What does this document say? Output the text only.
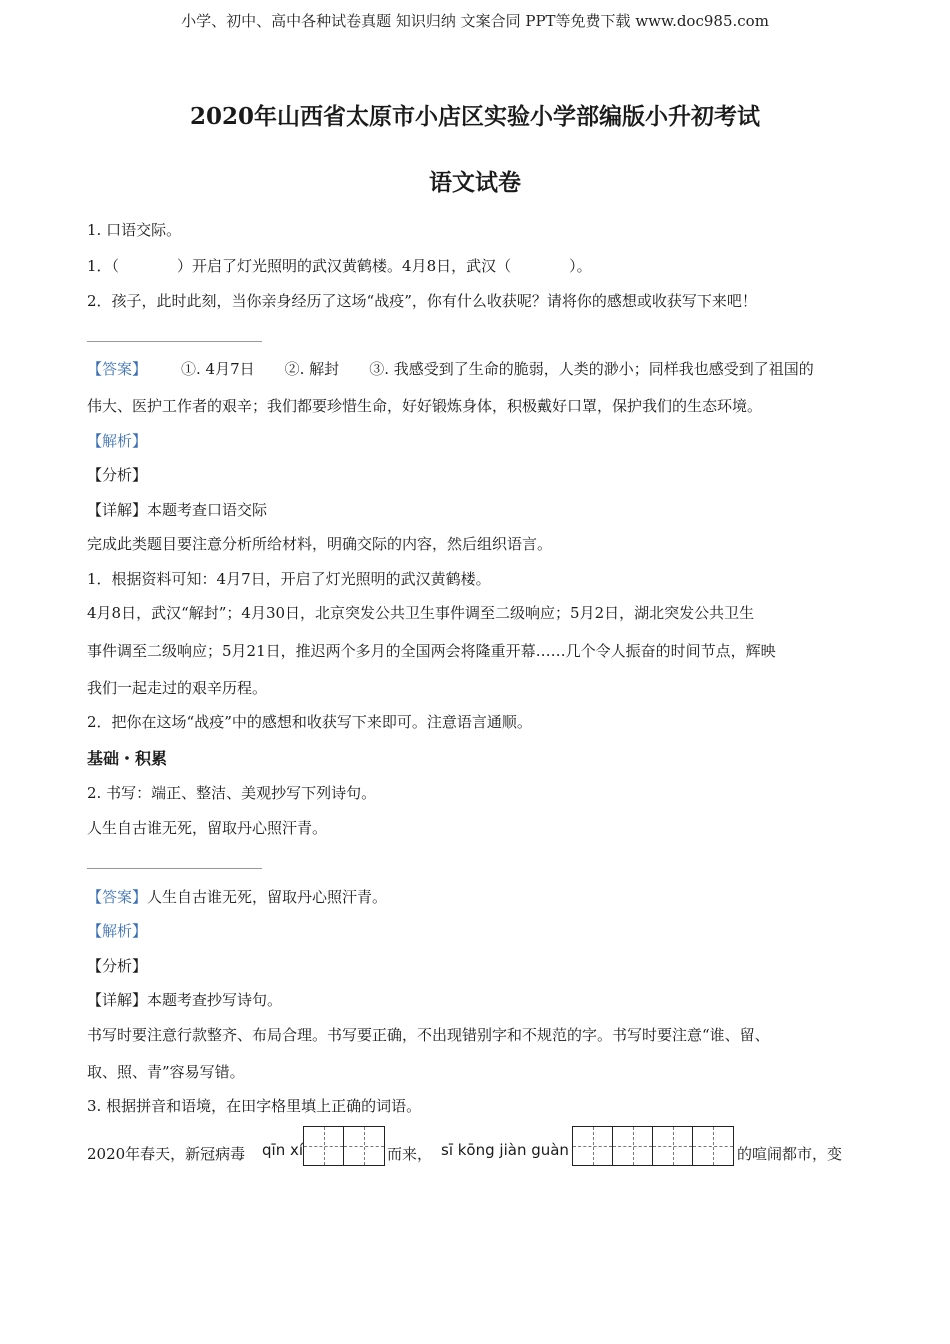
小学、初中、高中各种试卷真题 知识归纳 文案合同 PPT等免费下载 www.doc985.com
2020年山西省太原市小店区实验小学部编版小升初考试
语文试卷
1. 口语交际。
1．（	）开启了灯光照明的武汉黄鹤楼。4月8日，武汉（	）。
2．孩子，此时此刻，当你亲身经历了这场“战疫”，你有什么收获呢？请将你的感想或收获写下来吧！
【答案】 ①. 4月7日 ②. 解封 ③. 我感受到了生命的脆弱，人类的渺小；同样我也感受到了祖国的
伟大、医护工作者的艰辛；我们都要珍惜生命，好好锻炼身体，积极戴好口罩，保护我们的生态环境。
【解析】
【分析】
【详解】本题考查口语交际
完成此类题目要注意分析所给材料，明确交际的内容，然后组织语言。
1．根据资料可知：4月7日，开启了灯光照明的武汉黄鹤楼。
4月8日，武汉“解封”；4月30日，北京突发公共卫生事件调至二级响应；5月2日，湖北突发公共卫生
事件调至二级响应；5月21日，推迟两个多月的全国两会将隆重开幕……几个令人振奋的时间节点，辉映
我们一起走过的艰辛历程。
2．把你在这场“战疫”中的感想和收获写下来即可。注意语言通顺。
基础・积累
2. 书写：端正、整洁、美观抄写下列诗句。
人生自古谁无死，留取丹心照汗青。
【答案】人生自古谁无死，留取丹心照汗青。
【解析】
【分析】
【详解】本题考查抄写诗句。
书写时要注意行款整齐、布局合理。书写要正确，不出现错别字和不规范的字。书写时要注意“谁、留、
取、照、青”容易写错。
3. 根据拼音和语境，在田字格里填上正确的词语。
2020年春天，新冠病毒 qīn xí	而来， sī kōng jiàn guàn	的喧闹都市，变
